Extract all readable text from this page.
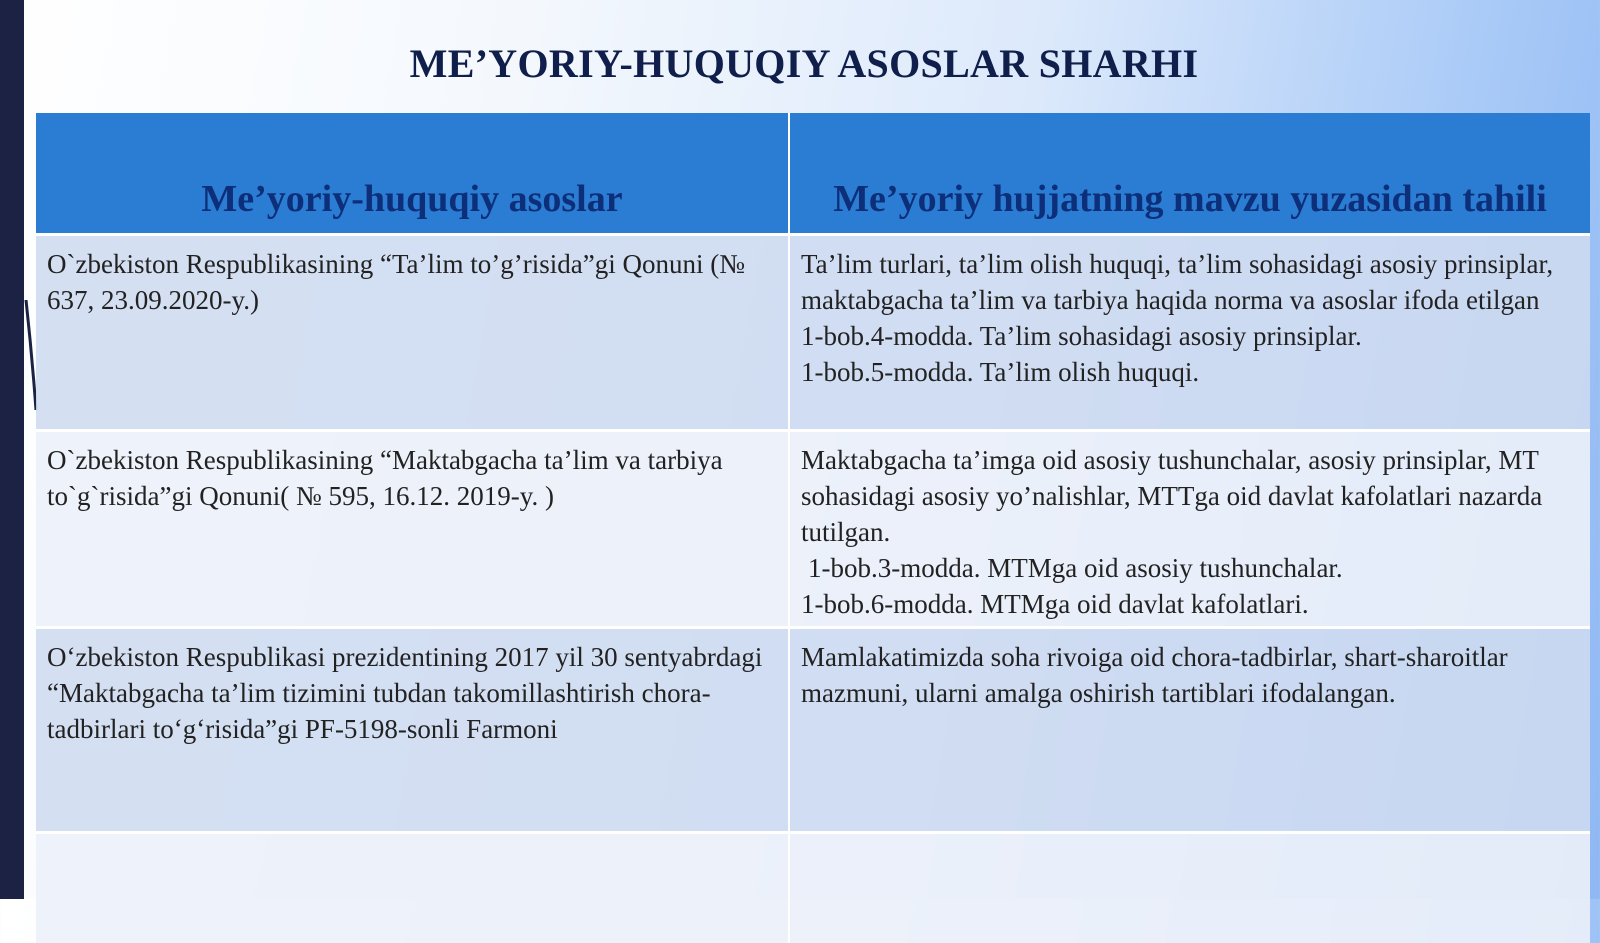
ME’YORIY-HUQUQIY ASOSLAR SHARHI
Me’yoriy-huquqiy asoslar	Me’yoriy hujjatning mavzu yuzasidan tahili
O`zbekiston Respublikasining “Ta’lim to’g’risida”gi Qonuni (№ 637, 23.09.2020-y.)	Ta’lim turlari, ta’lim olish huquqi, ta’lim sohasidagi asosiy prinsiplar, maktabgacha ta’lim va tarbiya haqida norma va asoslar ifoda etilgan
1-bob.4-modda. Ta’lim sohasidagi asosiy prinsiplar.
1-bob.5-modda. Ta’lim olish huquqi.

O`zbekiston Respublikasining “Maktabgacha ta’lim va tarbiya to`g`risida”gi Qonuni( № 595, 16.12. 2019-y. )	Maktabgacha ta’imga oid asosiy tushunchalar, asosiy prinsiplar, MT sohasidagi asosiy yo’nalishlar, MTTga oid davlat kafolatlari nazarda tutilgan.
1-bob.3-modda. MTMga oid asosiy tushunchalar.
1-bob.6-modda. MTMga oid davlat kafolatlari.

O‘zbekiston Respublikasi prezidentining 2017 yil 30 sentyabrdagi “Maktabgacha ta’lim tizimini tubdan takomillashtirish chora-tadbirlari to‘g‘risida”gi PF-5198-sonli Farmoni	Mamlakatimizda soha rivoiga oid chora-tadbirlar, shart-sharoitlar mazmuni, ularni amalga oshirish tartiblari ifodalangan.
